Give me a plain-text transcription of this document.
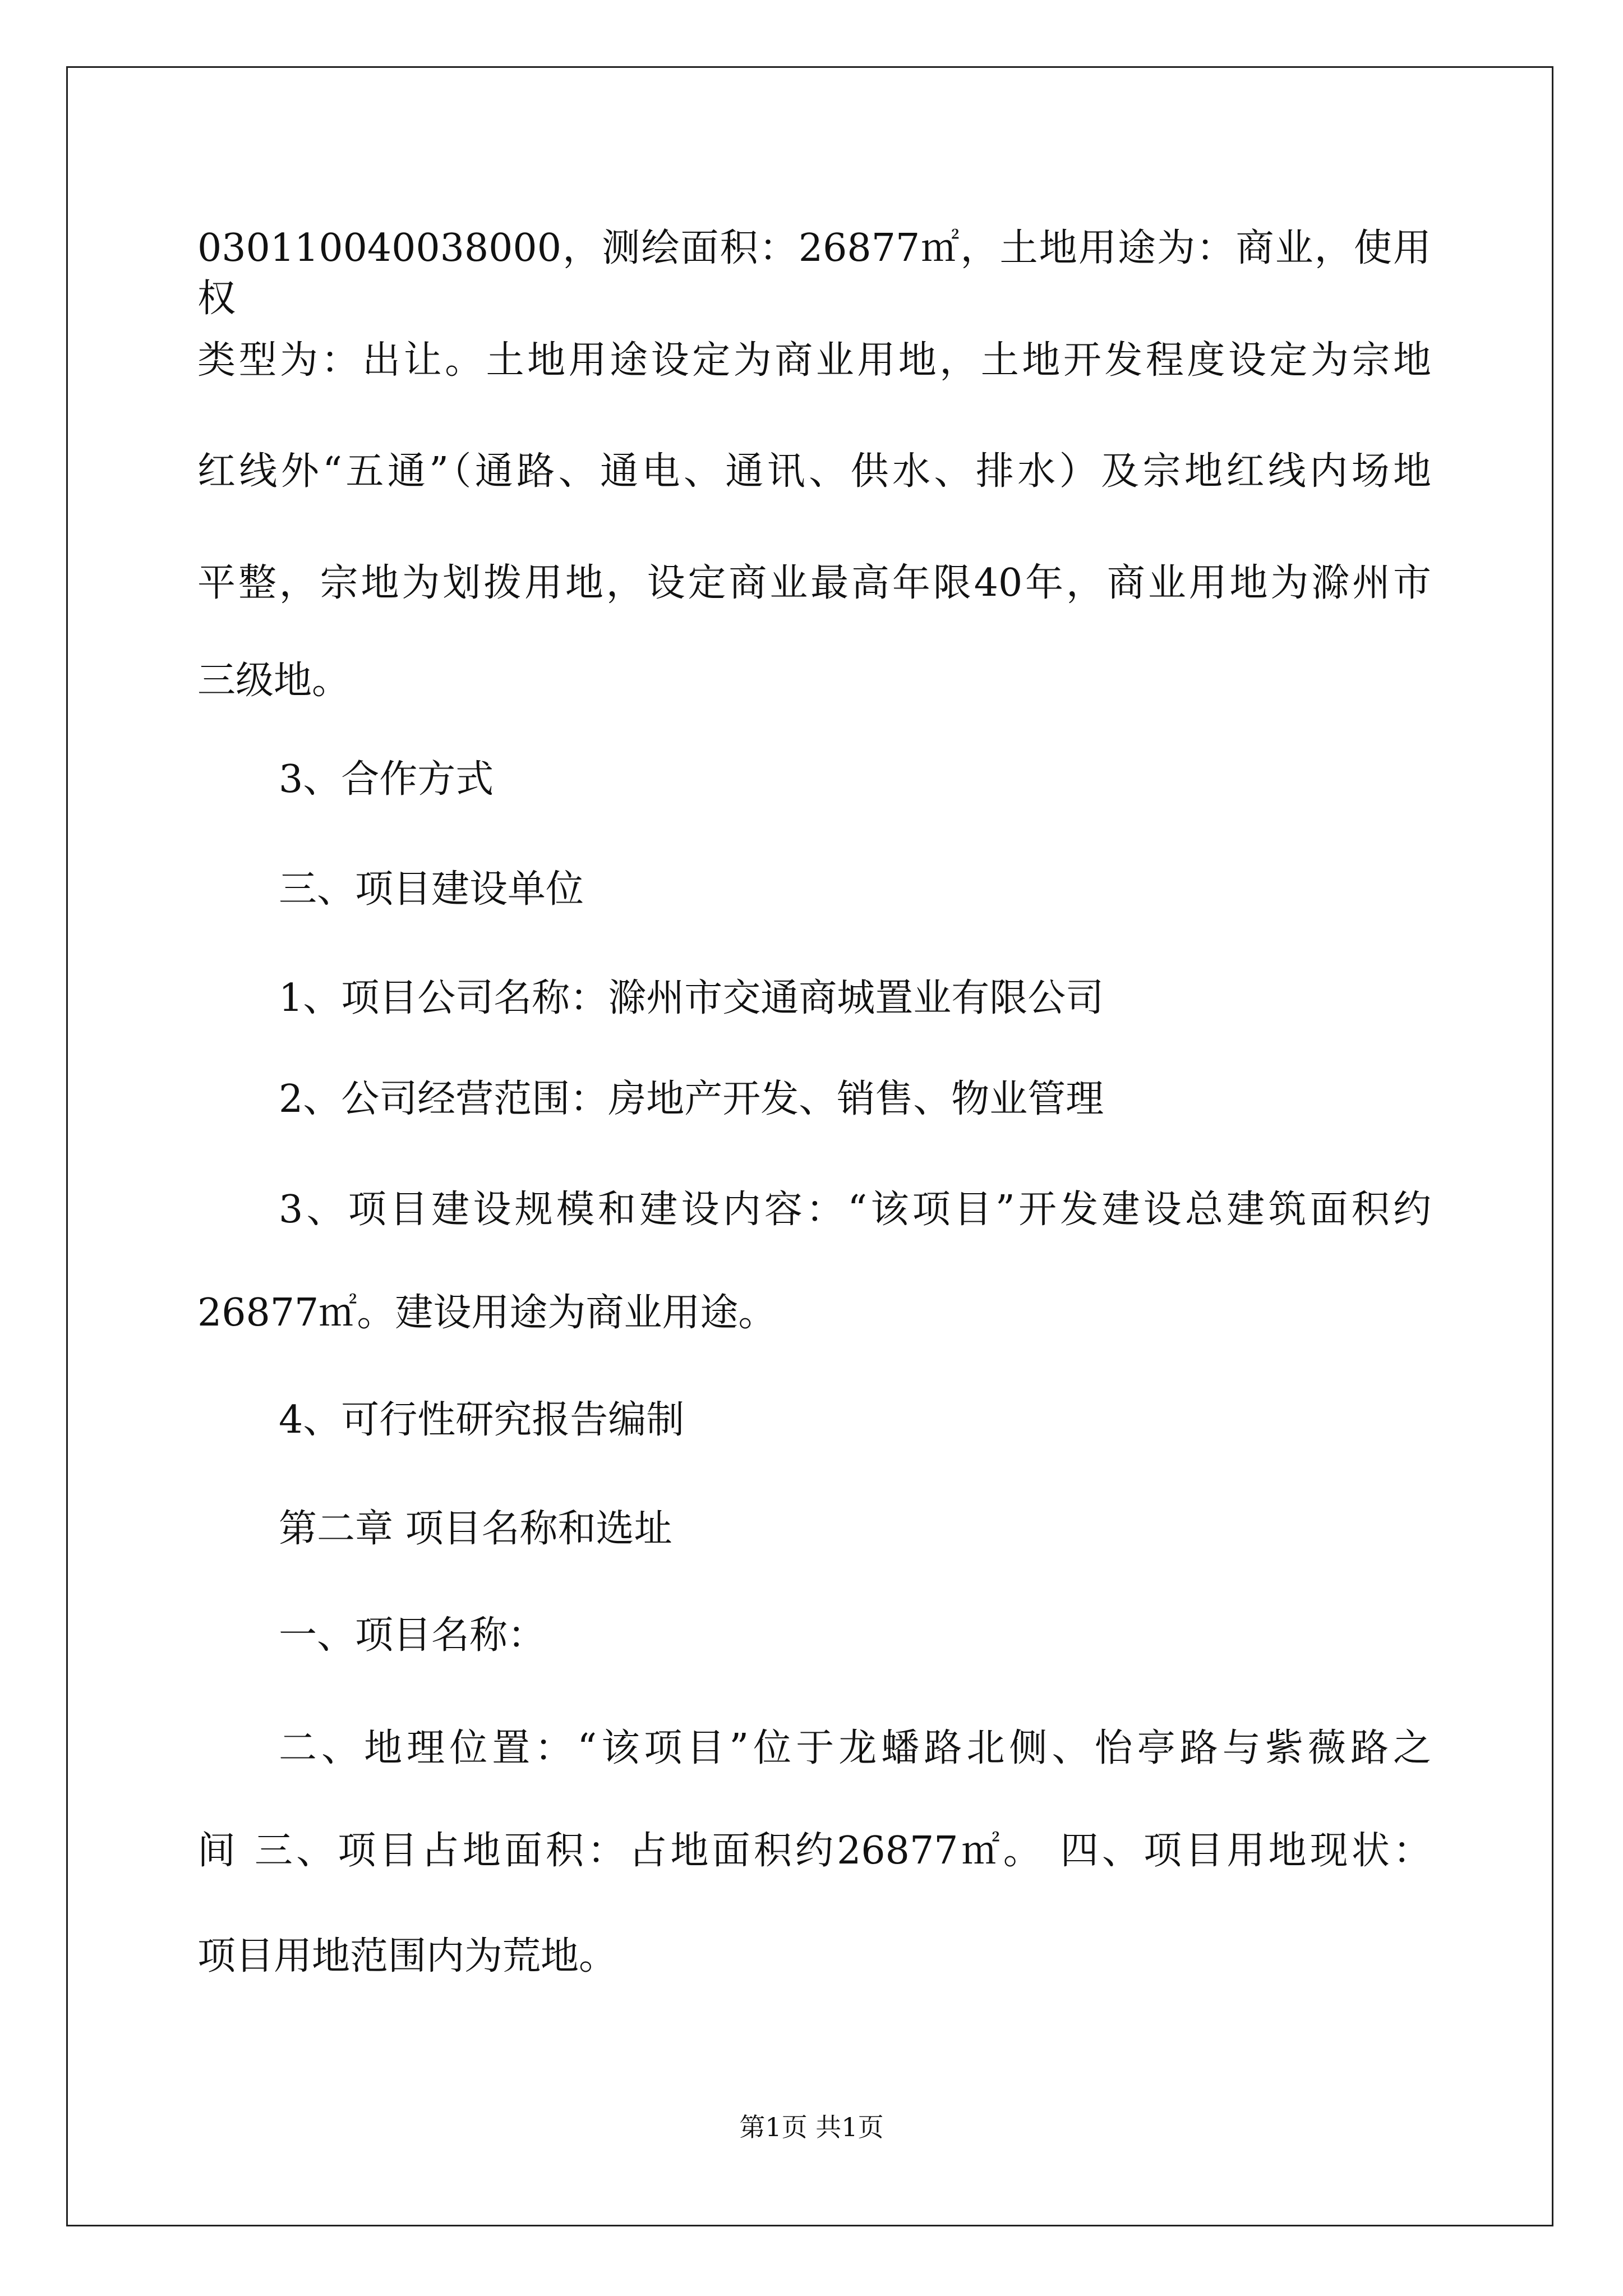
030110040038000，测绘面积：26877㎡，土地用途为：商业，使用权
类型为：出让。土地用途设定为商业用地，土地开发程度设定为宗地
红线外“五通”（通路、通电、通讯、供水、排水）及宗地红线内场地
平整，宗地为划拨用地，设定商业最高年限40年，商业用地为滁州市
三级地。
3、合作方式
三、项目建设单位
1、项目公司名称：滁州市交通商城置业有限公司
2、公司经营范围：房地产开发、销售、物业管理
3、项目建设规模和建设内容：“该项目”开发建设总建筑面积约
26877㎡。建设用途为商业用途。
4、可行性研究报告编制
第二章 项目名称和选址
一、项目名称：
二、地理位置：“该项目”位于龙蟠路北侧、怡亭路与紫薇路之
间 三、项目占地面积：占地面积约26877㎡。 四、项目用地现状：
项目用地范围内为荒地。
第1页 共1页
